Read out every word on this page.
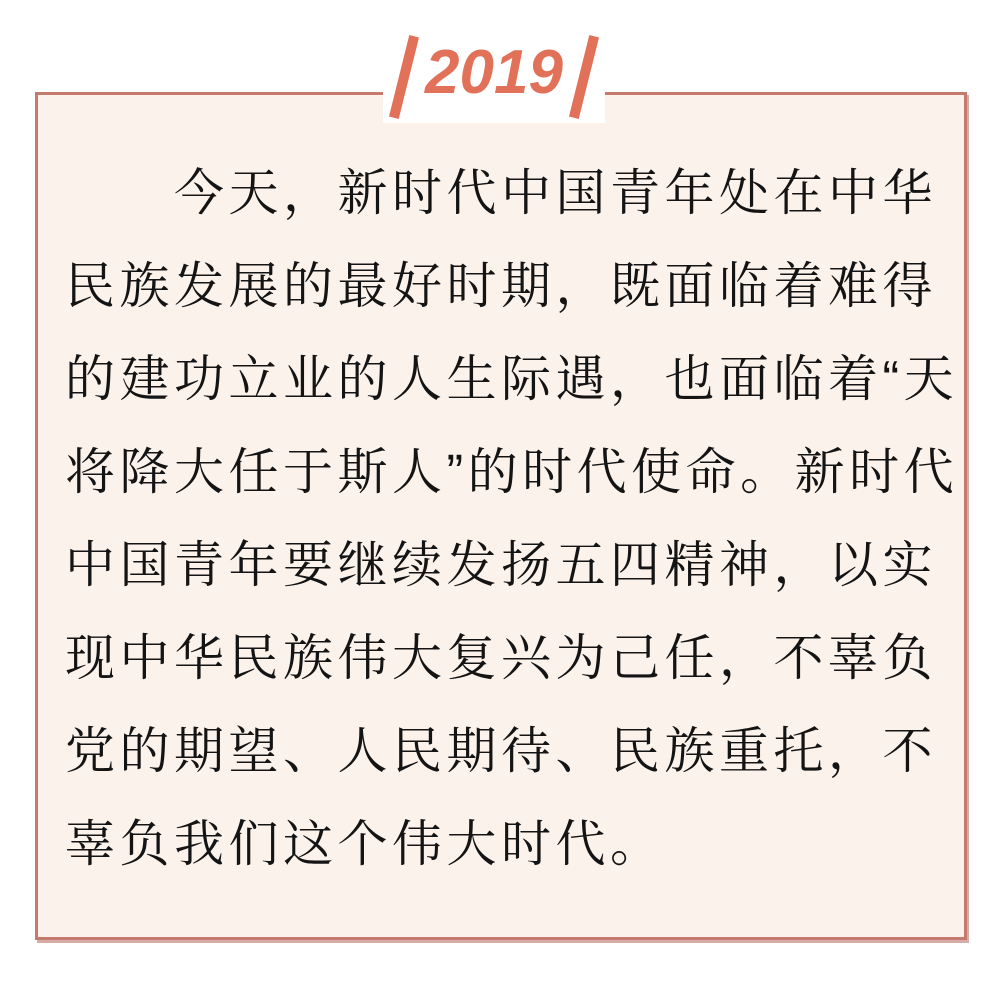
　　今天，新时代中国青年处在中华
民族发展的最好时期，既面临着难得
的建功立业的人生际遇，也面临着“天
将降大任于斯人”的时代使命。新时代
中国青年要继续发扬五四精神，以实
现中华民族伟大复兴为己任，不辜负
党的期望、人民期待、民族重托，不
辜负我们这个伟大时代。
2019
